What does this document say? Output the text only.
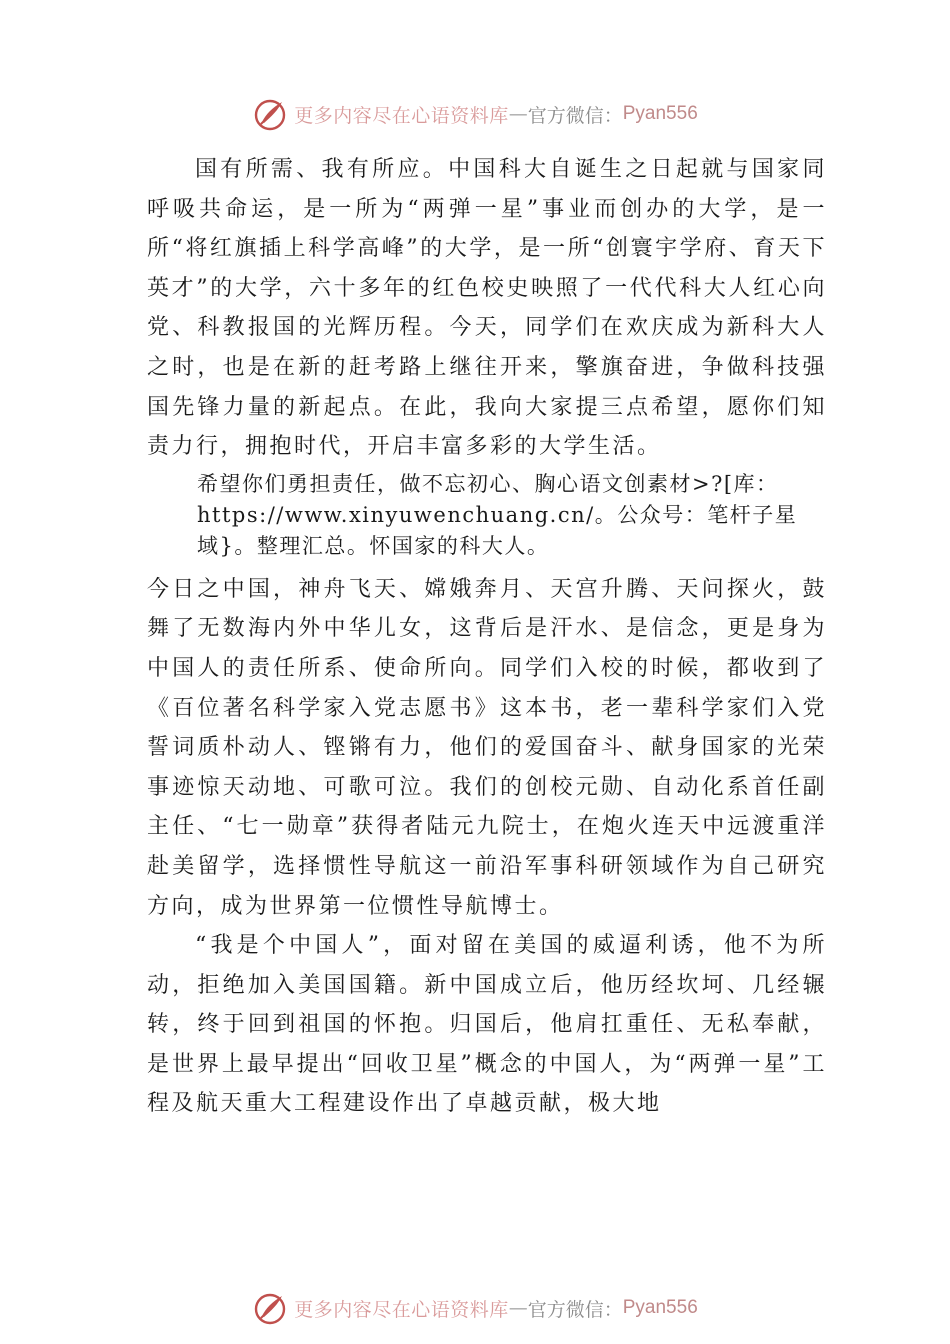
更多内容尽在心语资料库 — 官方微信： Pyan556

国有所需、我有所应。中国科大自诞生之日起就与国家同呼吸共命运，是一所为“两弹一星”事业而创办的大学，是一所“将红旗插上科学高峰”的大学，是一所“创寰宇学府、育天下英才”的大学，六十多年的红色校史映照了一代代科大人红心向党、科教报国的光辉历程。今天，同学们在欢庆成为新科大人之时，也是在新的赶考路上继往开来，擎旗奋进，争做科技强国先锋力量的新起点。在此，我向大家提三点希望，愿你们知责力行，拥抱时代，开启丰富多彩的大学生活。

希望你们勇担责任，做不忘初心、胸心语文创素材>?[库：https://www.xinyuwenchuang.cn/。公众号：笔杆子星域}。整理汇总。怀国家的科大人。

今日之中国，神舟飞天、嫦娥奔月、天宫升腾、天问探火，鼓舞了无数海内外中华儿女，这背后是汗水、是信念，更是身为中国人的责任所系、使命所向。同学们入校的时候，都收到了《百位著名科学家入党志愿书》这本书，老一辈科学家们入党誓词质朴动人、铿锵有力，他们的爱国奋斗、献身国家的光荣事迹惊天动地、可歌可泣。我们的创校元勋、自动化系首任副主任、“七一勋章”获得者陆元九院士，在炮火连天中远渡重洋赴美留学，选择惯性导航这一前沿军事科研领域作为自己研究方向，成为世界第一位惯性导航博士。

“我是个中国人”，面对留在美国的威逼利诱，他不为所动，拒绝加入美国国籍。新中国成立后，他历经坎坷、几经辗转，终于回到祖国的怀抱。归国后，他肩扛重任、无私奉献，是世界上最早提出“回收卫星”概念的中国人，为“两弹一星”工程及航天重大工程建设作出了卓越贡献，极大地

更多内容尽在心语资料库 — 官方微信： Pyan556
